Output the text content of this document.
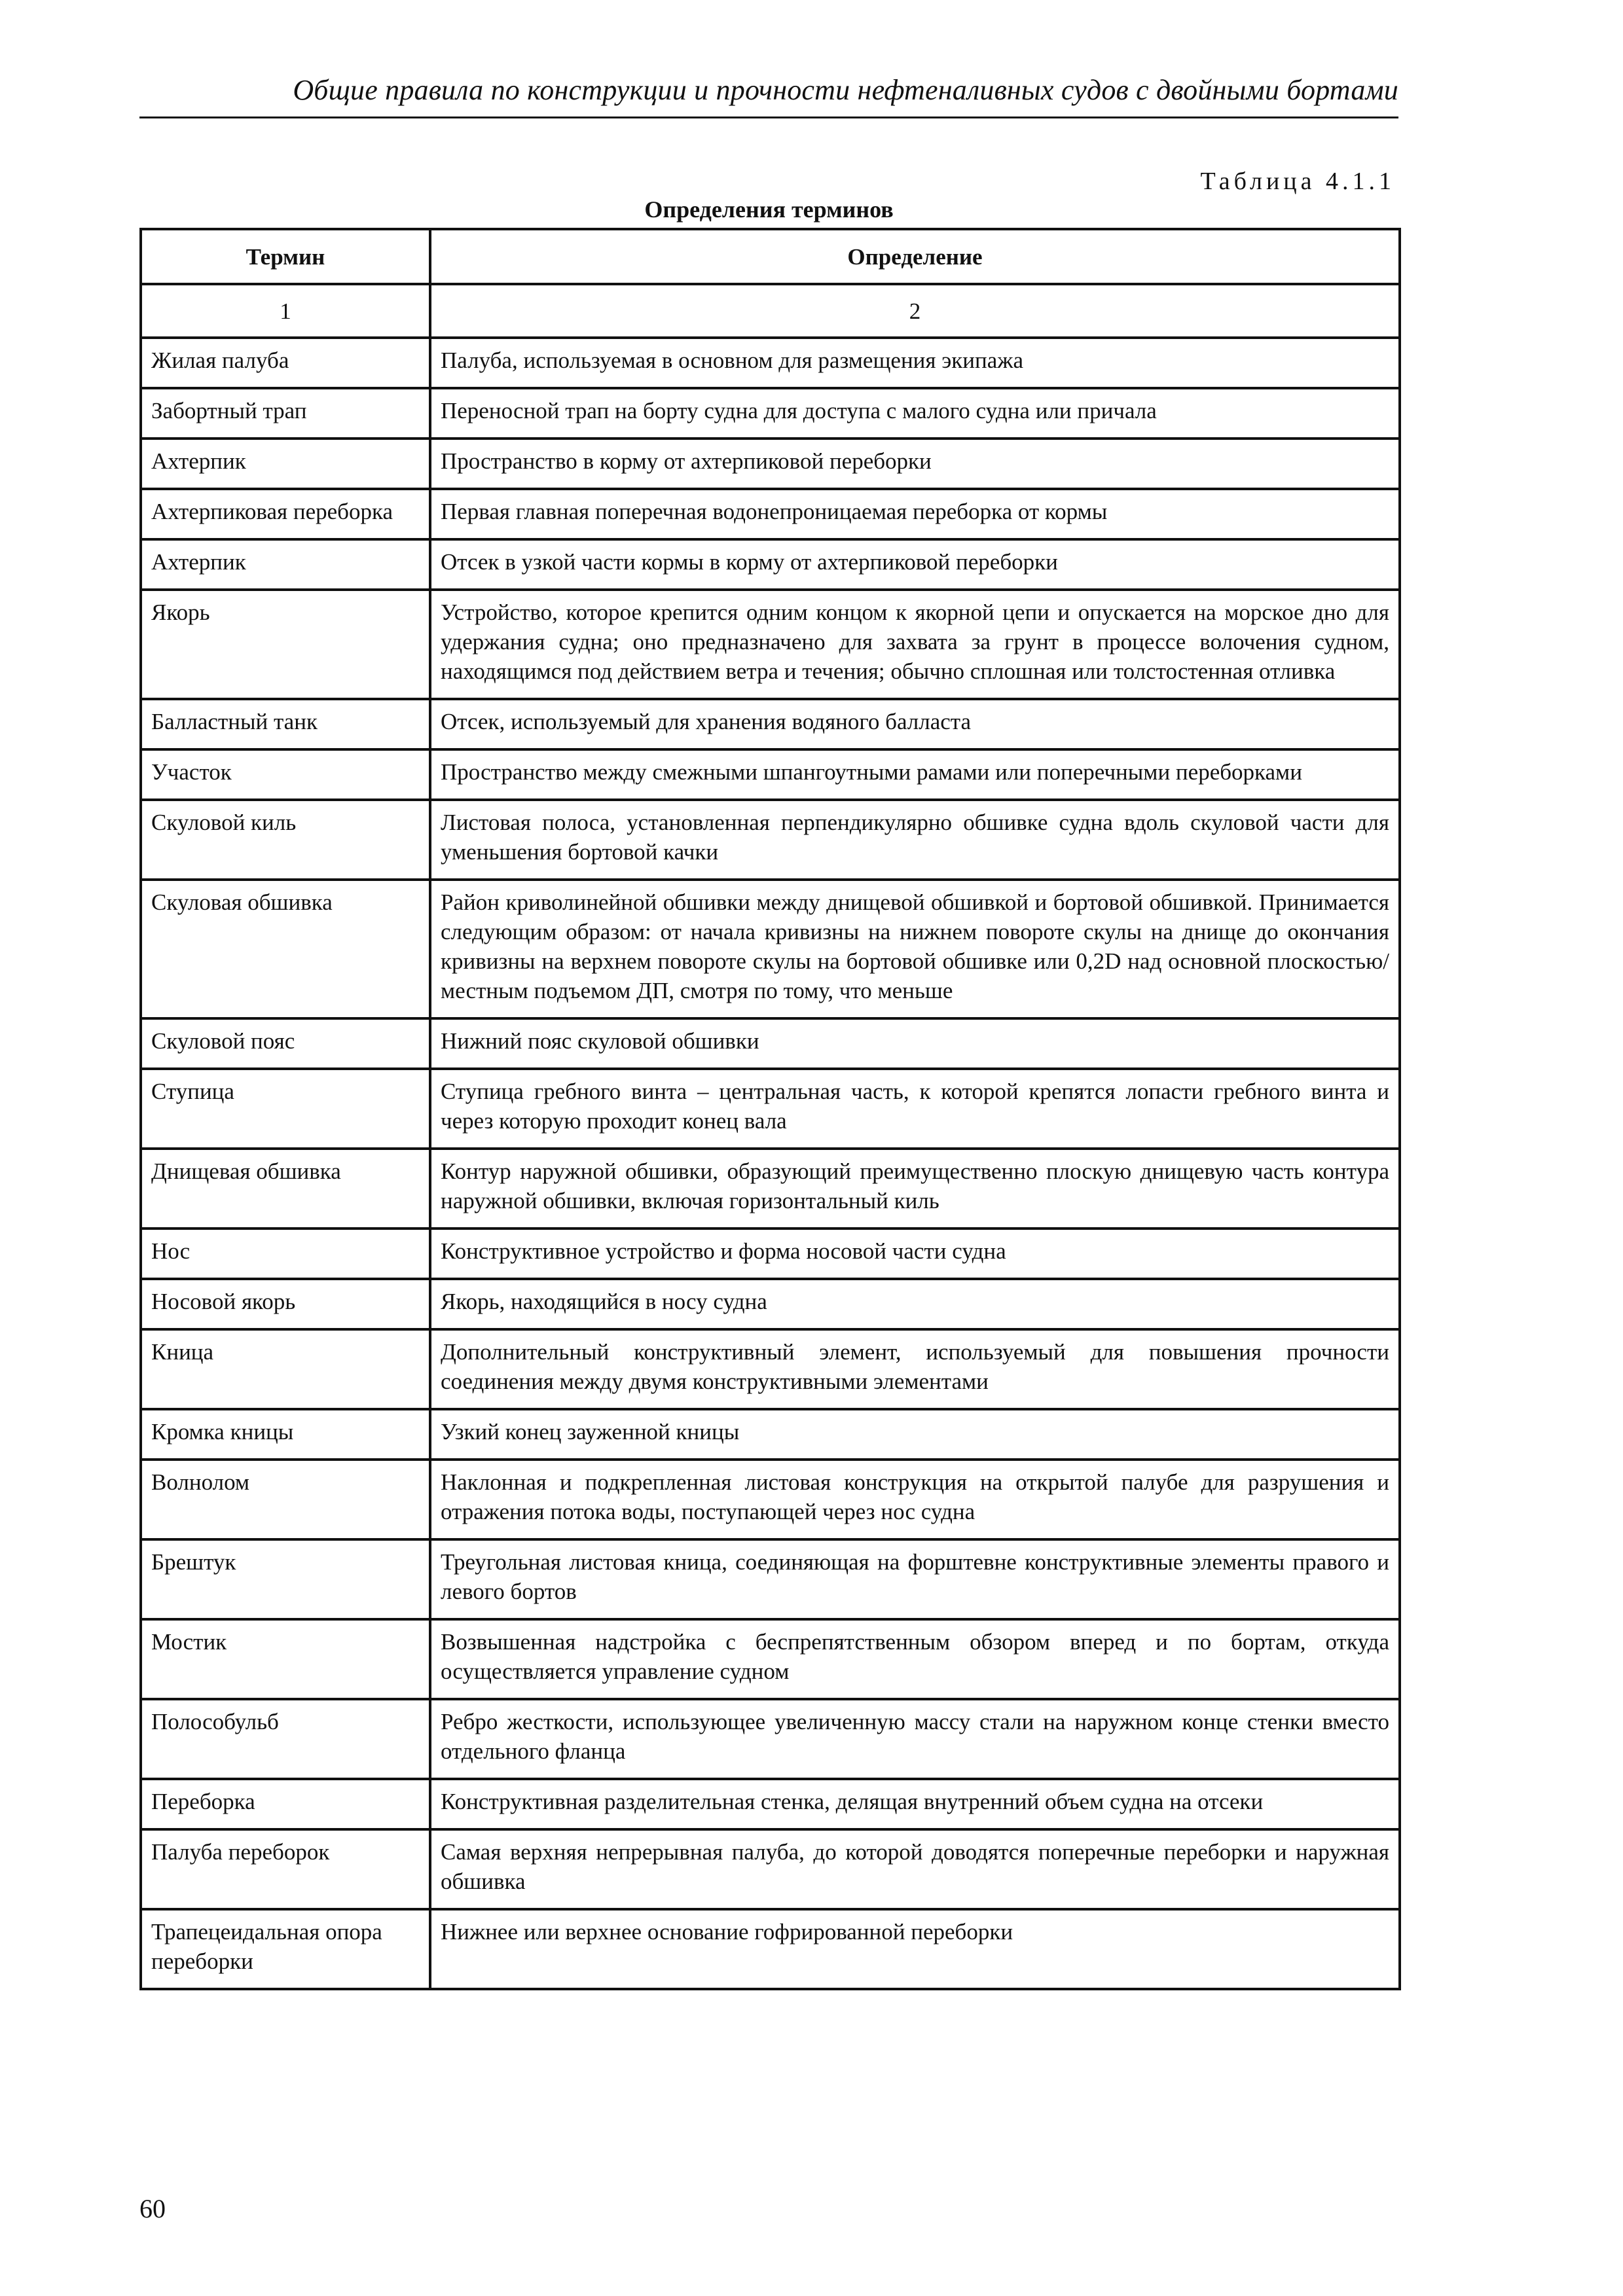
Общие правила по конструкции и прочности нефтеналивных судов с двойными бортами
Таблица 4.1.1
Определения терминов
Термин	Определение
1	2
Жилая палуба	Палуба, используемая в основном для размещения экипажа
Забортный трап	Переносной трап на борту судна для доступа с малого судна или причала
Ахтерпик	Пространство в корму от ахтерпиковой переборки
Ахтерпиковая переборка	Первая главная поперечная водонепроницаемая переборка от кормы
Ахтерпик	Отсек в узкой части кормы в корму от ахтерпиковой переборки
Якорь	Устройство, которое крепится одним концом к якорной цепи и опускается на морское дно для удержания судна; оно предназначено для захвата за грунт в процессе волочения судном, находящимся под действием ветра и течения; обычно сплошная или толстостенная отливка
Балластный танк	Отсек, используемый для хранения водяного балласта
Участок	Пространство между смежными шпангоутными рамами или поперечными переборками
Скуловой киль	Листовая полоса, установленная перпендикулярно обшивке судна вдоль скуловой части для уменьшения бортовой качки
Скуловая обшивка	Район криволинейной обшивки между днищевой обшивкой и бортовой обшивкой. Принимается следующим образом: от начала кривизны на нижнем повороте скулы на днище до окончания кривизны на верхнем повороте скулы на бортовой обшивке или 0,2D над основной плоскостью/местным подъемом ДП, смотря по тому, что меньше
Скуловой пояс	Нижний пояс скуловой обшивки
Ступица	Ступица гребного винта – центральная часть, к которой крепятся лопасти гребного винта и через которую проходит конец вала
Днищевая обшивка	Контур наружной обшивки, образующий преимущественно плоскую днищевую часть контура наружной обшивки, включая горизонтальный киль
Нос	Конструктивное устройство и форма носовой части судна
Носовой якорь	Якорь, находящийся в носу судна
Кница	Дополнительный конструктивный элемент, используемый для повышения прочности соединения между двумя конструктивными элементами
Кромка кницы	Узкий конец зауженной кницы
Волнолом	Наклонная и подкрепленная листовая конструкция на открытой палубе для разрушения и отражения потока воды, поступающей через нос судна
Брештук	Треугольная листовая кница, соединяющая на форштевне конструктивные элементы правого и левого бортов
Мостик	Возвышенная надстройка с беспрепятственным обзором вперед и по бортам, откуда осуществляется управление судном
Полособульб	Ребро жесткости, использующее увеличенную массу стали на наружном конце стенки вместо отдельного фланца
Переборка	Конструктивная разделительная стенка, делящая внутренний объем судна на отсеки
Палуба переборок	Самая верхняя непрерывная палуба, до которой доводятся поперечные переборки и наружная обшивка
Трапецеидальная опора переборки	Нижнее или верхнее основание гофрированной переборки
60
